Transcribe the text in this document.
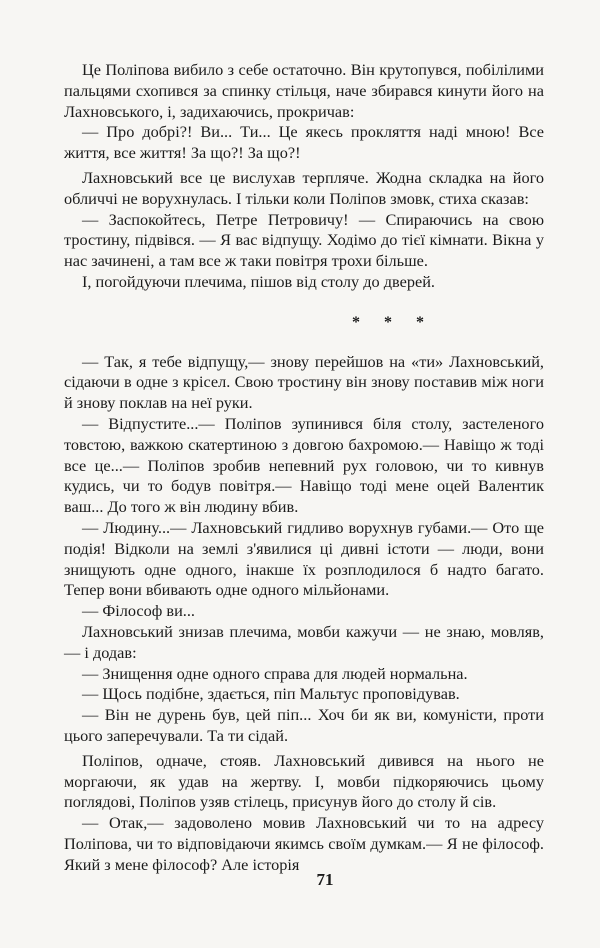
Це Поліпова вибило з себе остаточно. Він крутопувся, побілілими пальцями схопився за спинку стільця, наче збирався кинути його на Лахновського, і, задихаючись, прокричав:

— Про добрі?! Ви... Ти... Це якесь прокляття наді мною! Все життя, все життя! За що?! За що?!

Лахновський все це вислухав терпляче. Жодна складка на його обличчі не ворухнулась. І тільки коли Поліпов змовк, стиха сказав:

— Заспокойтесь, Петре Петровичу! — Спираючись на свою тростину, підвівся. — Я вас відпущу. Ходімо до тієї кімнати. Вікна у нас зачинені, а там все ж таки повітря трохи більше.

І, погойдуючи плечима, пішов від столу до дверей.

* * *

— Так, я тебе відпущу,— знову перейшов на «ти» Лахновський, сідаючи в одне з крісел. Свою тростину він знову поставив між ноги й знову поклав на неї руки.

— Відпустите...— Поліпов зупинився біля столу, застеленого товстою, важкою скатертиною з довгою бахромою.— Навіщо ж тоді все це...— Поліпов зробив непевний рух головою, чи то кивнув кудись, чи то бодув повітря.— Навіщо тоді мене оцей Валентик ваш... До того ж він людину вбив.

— Людину...— Лахновський гидливо ворухнув губами.— Ото ще подія! Відколи на землі з'явилися ці дивні істоти — люди, вони знищують одне одного, інакше їх розплодилося б надто багато. Тепер вони вбивають одне одного мільйонами.

— Філософ ви...

Лахновський знизав плечима, мовби кажучи — не знаю, мовляв,— і додав:

— Знищення одне одного справа для людей нормальна.

— Щось подібне, здається, піп Мальтус проповідував.

— Він не дурень був, цей піп... Хоч би як ви, комуністи, проти цього заперечували. Та ти сідай.

Поліпов, одначе, стояв. Лахновський дивився на нього не моргаючи, як удав на жертву. І, мовби підкоряючись цьому поглядові, Поліпов узяв стілець, присунув його до столу й сів.

— Отак,— задоволено мовив Лахновський чи то на адресу Поліпова, чи то відповідаючи якимсь своїм думкам.— Я не філософ. Який з мене філософ? Але історія

71
